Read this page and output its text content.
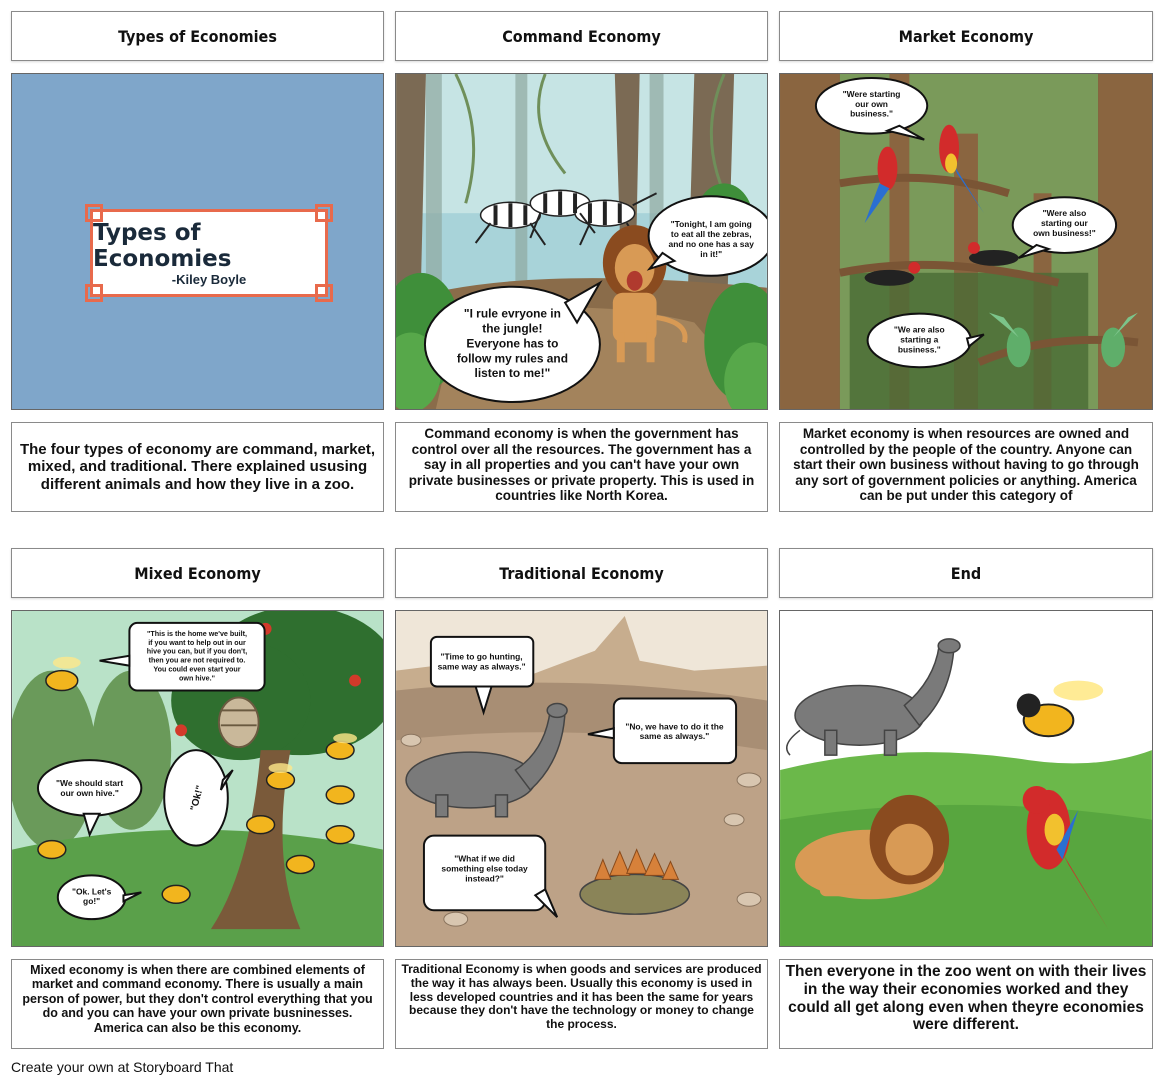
Types of Economies	Command Economy	Market Economy
Types of Economies
-Kiley Boyle
"Tonight, I am going
to eat all the zebras,
and no one has a say
in it!"
"I rule evryone in
the jungle!
Everyone has to
follow my rules and
listen to me!"
"Were starting
our own
business."
"Were also
starting our
own business!"
"We are also
starting a
business."
The four types of economy are command, market, mixed, and traditional. There explained ususing different animals and how they live in a zoo.
Command economy is when the government has control over all the resources. The government has a say in all properties and you can't have your own private businesses or private property. This is used in countries like North Korea.
Market economy is when resources are owned and controlled by the people of the country. Anyone can start their own business without having to go through any sort of government policies or anything. America can be put under this category of
Mixed Economy	Traditional Economy	End
"This is the home we've built,
if you want to help out in our
hive you can, but if you don't,
then you are not required to.
You could even start your
own hive."
"We should start
our own hive."	"Ok!"
"Ok. Let's
go!"
"Time to go hunting,
same way as always."
"No, we have to do it the
same as always."
"What if we did
something else today
instead?"
Mixed economy is when there are combined elements of market and command economy. There is usually a main person of power, but they don't control everything that you do and you can have your own private busninesses. America can also be this economy.
Traditional Economy is when goods and services are produced the way it has always been. Usually this economy is used in less developed countries and it has been the same for years because they don't have the technology or money to change the process.
Then everyone in the zoo went on with their lives in the way their economies worked and they could all get along even when theyre economies were different.
Create your own at Storyboard That
